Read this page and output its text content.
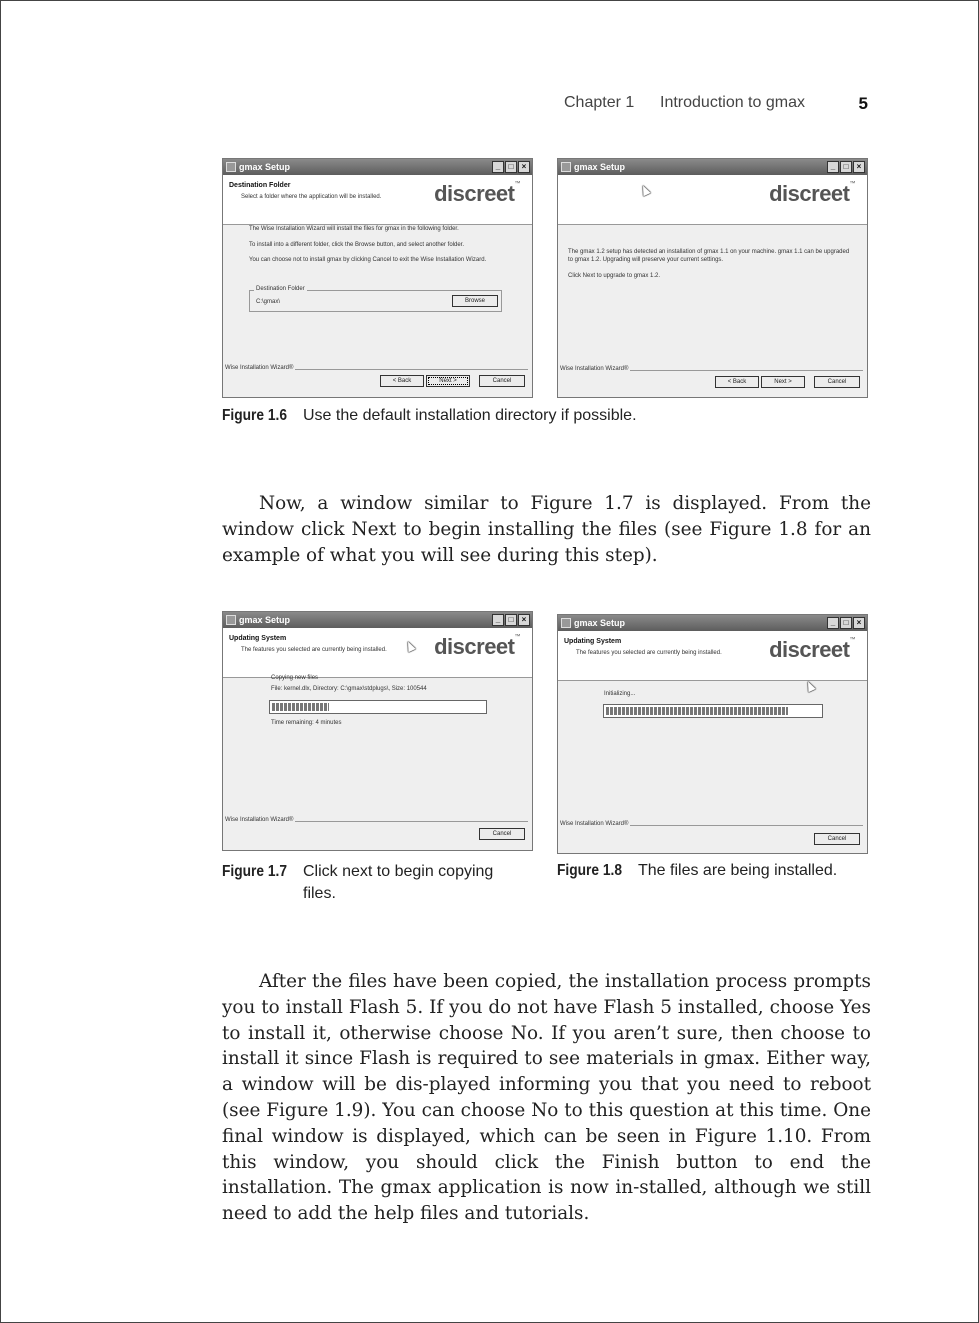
Chapter 1 Introduction to gmax	5
gmax Setup	_	□	×
Destination Folder
Select a folder where the application will be installed. discreet™
The Wise Installation Wizard will install the files for gmax in the following folder.
To install into a different folder, click the Browse button, and select another folder.
You can choose not to install gmax by clicking Cancel to exit the Wise Installation Wizard.
Destination Folder
C:\gmax\	Browse
Wise Installation Wizard®
< Back	Next >	Cancel
gmax Setup	_	□	×
discreet™
The gmax 1.2 setup has detected an installation of gmax 1.1 on your machine. gmax 1.1 can be upgraded to gmax 1.2. Upgrading will preserve your current settings.
Click Next to upgrade to gmax 1.2.
Wise Installation Wizard®
< Back	Next >	Cancel
Figure 1.6 Use the default installation directory if possible.

Now, a window similar to Figure 1.7 is displayed. From the window click Next to begin installing the files (see Figure 1.8 for an example of what you will see during this step).

gmax Setup	_	□	×
Updating System
The features you selected are currently being installed. discreet™
Copying new files
File: kernel.dlx, Directory: C:\gmax\stdplugs\, Size: 100544
Time remaining: 4 minutes
Wise Installation Wizard®
Cancel
gmax Setup	_	□	×
Updating System
The features you selected are currently being installed. discreet™
Initializing...
Wise Installation Wizard®
Cancel
Figure 1.7 Click next to begin copying files.
Figure 1.8 The files are being installed.

After the files have been copied, the installation process prompts you to install Flash 5. If you do not have Flash 5 installed, choose Yes to install it, otherwise choose No. If you aren’t sure, then choose to install it since Flash is required to see materials in gmax. Either way, a window will be dis-played informing you that you need to reboot (see Figure 1.9). You can choose No to this question at this time. One final window is displayed, which can be seen in Figure 1.10. From this window, you should click the Finish button to end the installation. The gmax application is now in-stalled, although we still need to add the help files and tutorials.
